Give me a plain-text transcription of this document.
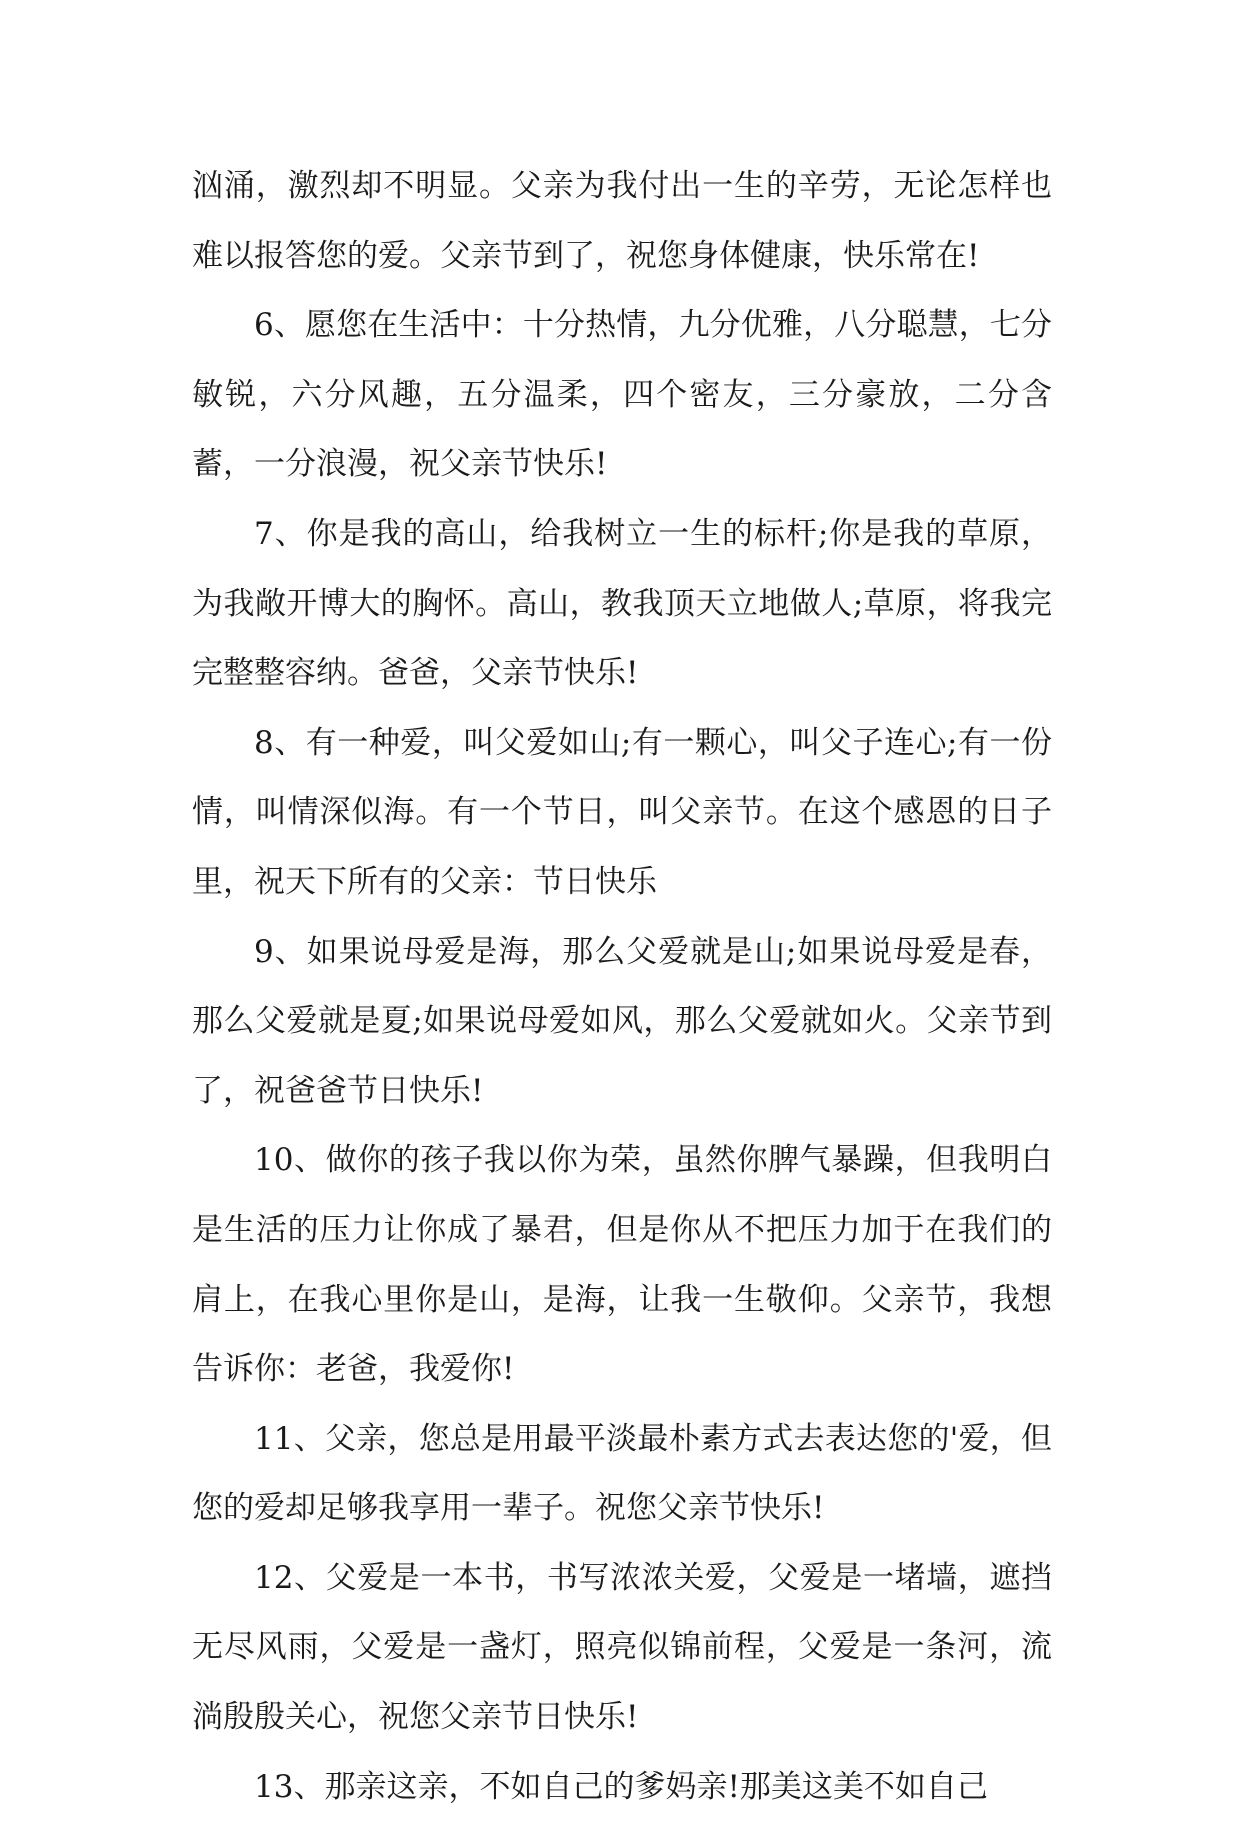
汹涌，激烈却不明显。父亲为我付出一生的辛劳，无论怎样也难以报答您的爱。父亲节到了，祝您身体健康，快乐常在!

6、愿您在生活中：十分热情，九分优雅，八分聪慧，七分敏锐，六分风趣，五分温柔，四个密友，三分豪放，二分含蓄，一分浪漫，祝父亲节快乐!

7、你是我的高山，给我树立一生的标杆;你是我的草原，为我敞开博大的胸怀。高山，教我顶天立地做人;草原，将我完完整整容纳。爸爸，父亲节快乐!

8、有一种爱，叫父爱如山;有一颗心，叫父子连心;有一份情，叫情深似海。有一个节日，叫父亲节。在这个感恩的日子里，祝天下所有的父亲：节日快乐

9、如果说母爱是海，那么父爱就是山;如果说母爱是春，那么父爱就是夏;如果说母爱如风，那么父爱就如火。父亲节到了，祝爸爸节日快乐!

10、做你的孩子我以你为荣，虽然你脾气暴躁，但我明白是生活的压力让你成了暴君，但是你从不把压力加于在我们的肩上，在我心里你是山，是海，让我一生敬仰。父亲节，我想告诉你：老爸，我爱你!

11、父亲，您总是用最平淡最朴素方式去表达您的'爱，但您的爱却足够我享用一辈子。祝您父亲节快乐!

12、父爱是一本书，书写浓浓关爱，父爱是一堵墙，遮挡无尽风雨，父爱是一盏灯，照亮似锦前程，父爱是一条河，流淌殷殷关心，祝您父亲节日快乐!

13、那亲这亲，不如自己的爹妈亲!那美这美不如自己
